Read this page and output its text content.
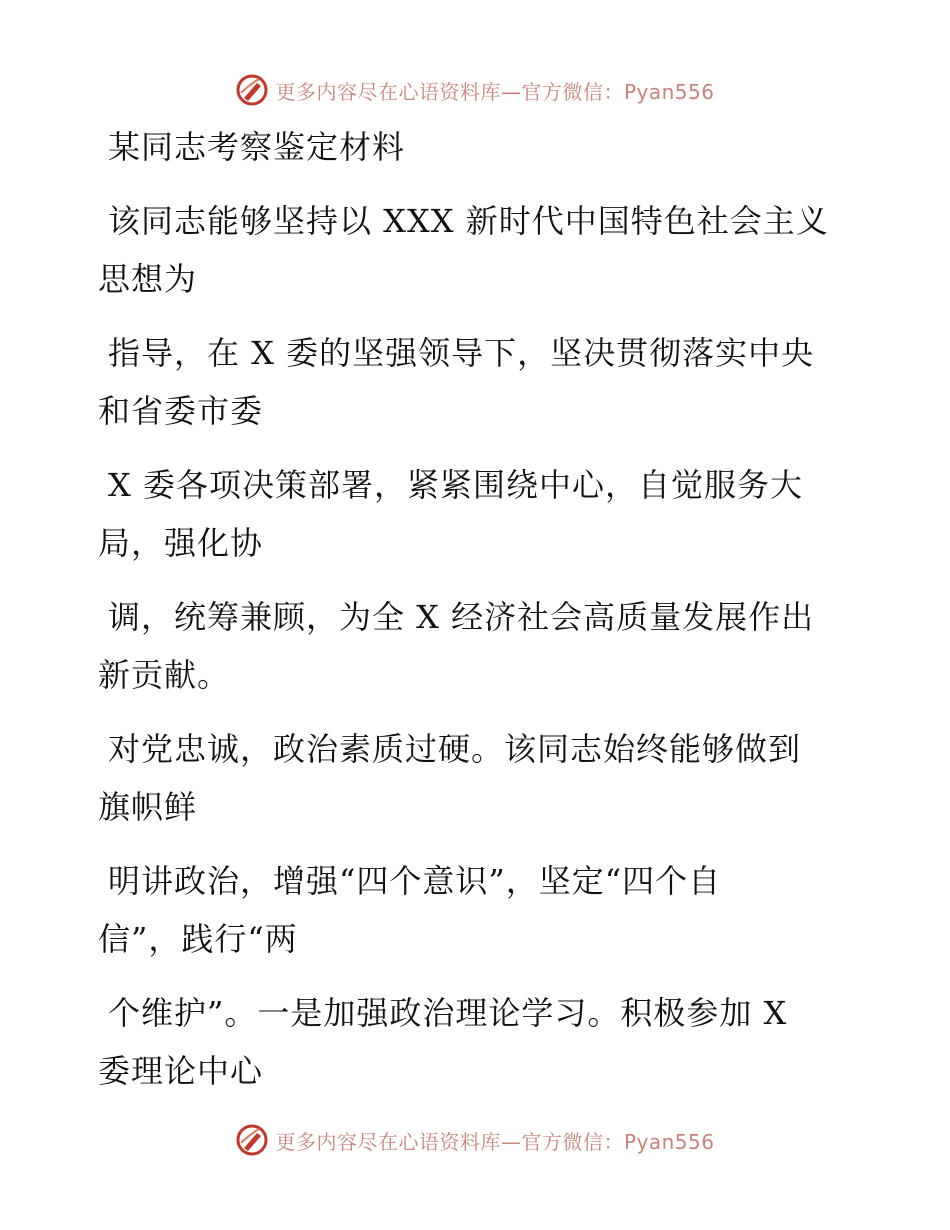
更多内容尽在心语资料库—官方微信：Pyan556
某同志考察鉴定材料
该同志能够坚持以 XXX 新时代中国特色社会主义
思想为
指导，在 X 委的坚强领导下，坚决贯彻落实中央
和省委市委
X 委各项决策部署，紧紧围绕中心，自觉服务大
局，强化协
调，统筹兼顾，为全 X 经济社会高质量发展作出
新贡献。
对党忠诚，政治素质过硬。该同志始终能够做到
旗帜鲜
明讲政治，增强“四个意识”，坚定“四个自
信”，践行“两
个维护”。一是加强政治理论学习。积极参加 X
委理论中心
更多内容尽在心语资料库—官方微信：Pyan556
